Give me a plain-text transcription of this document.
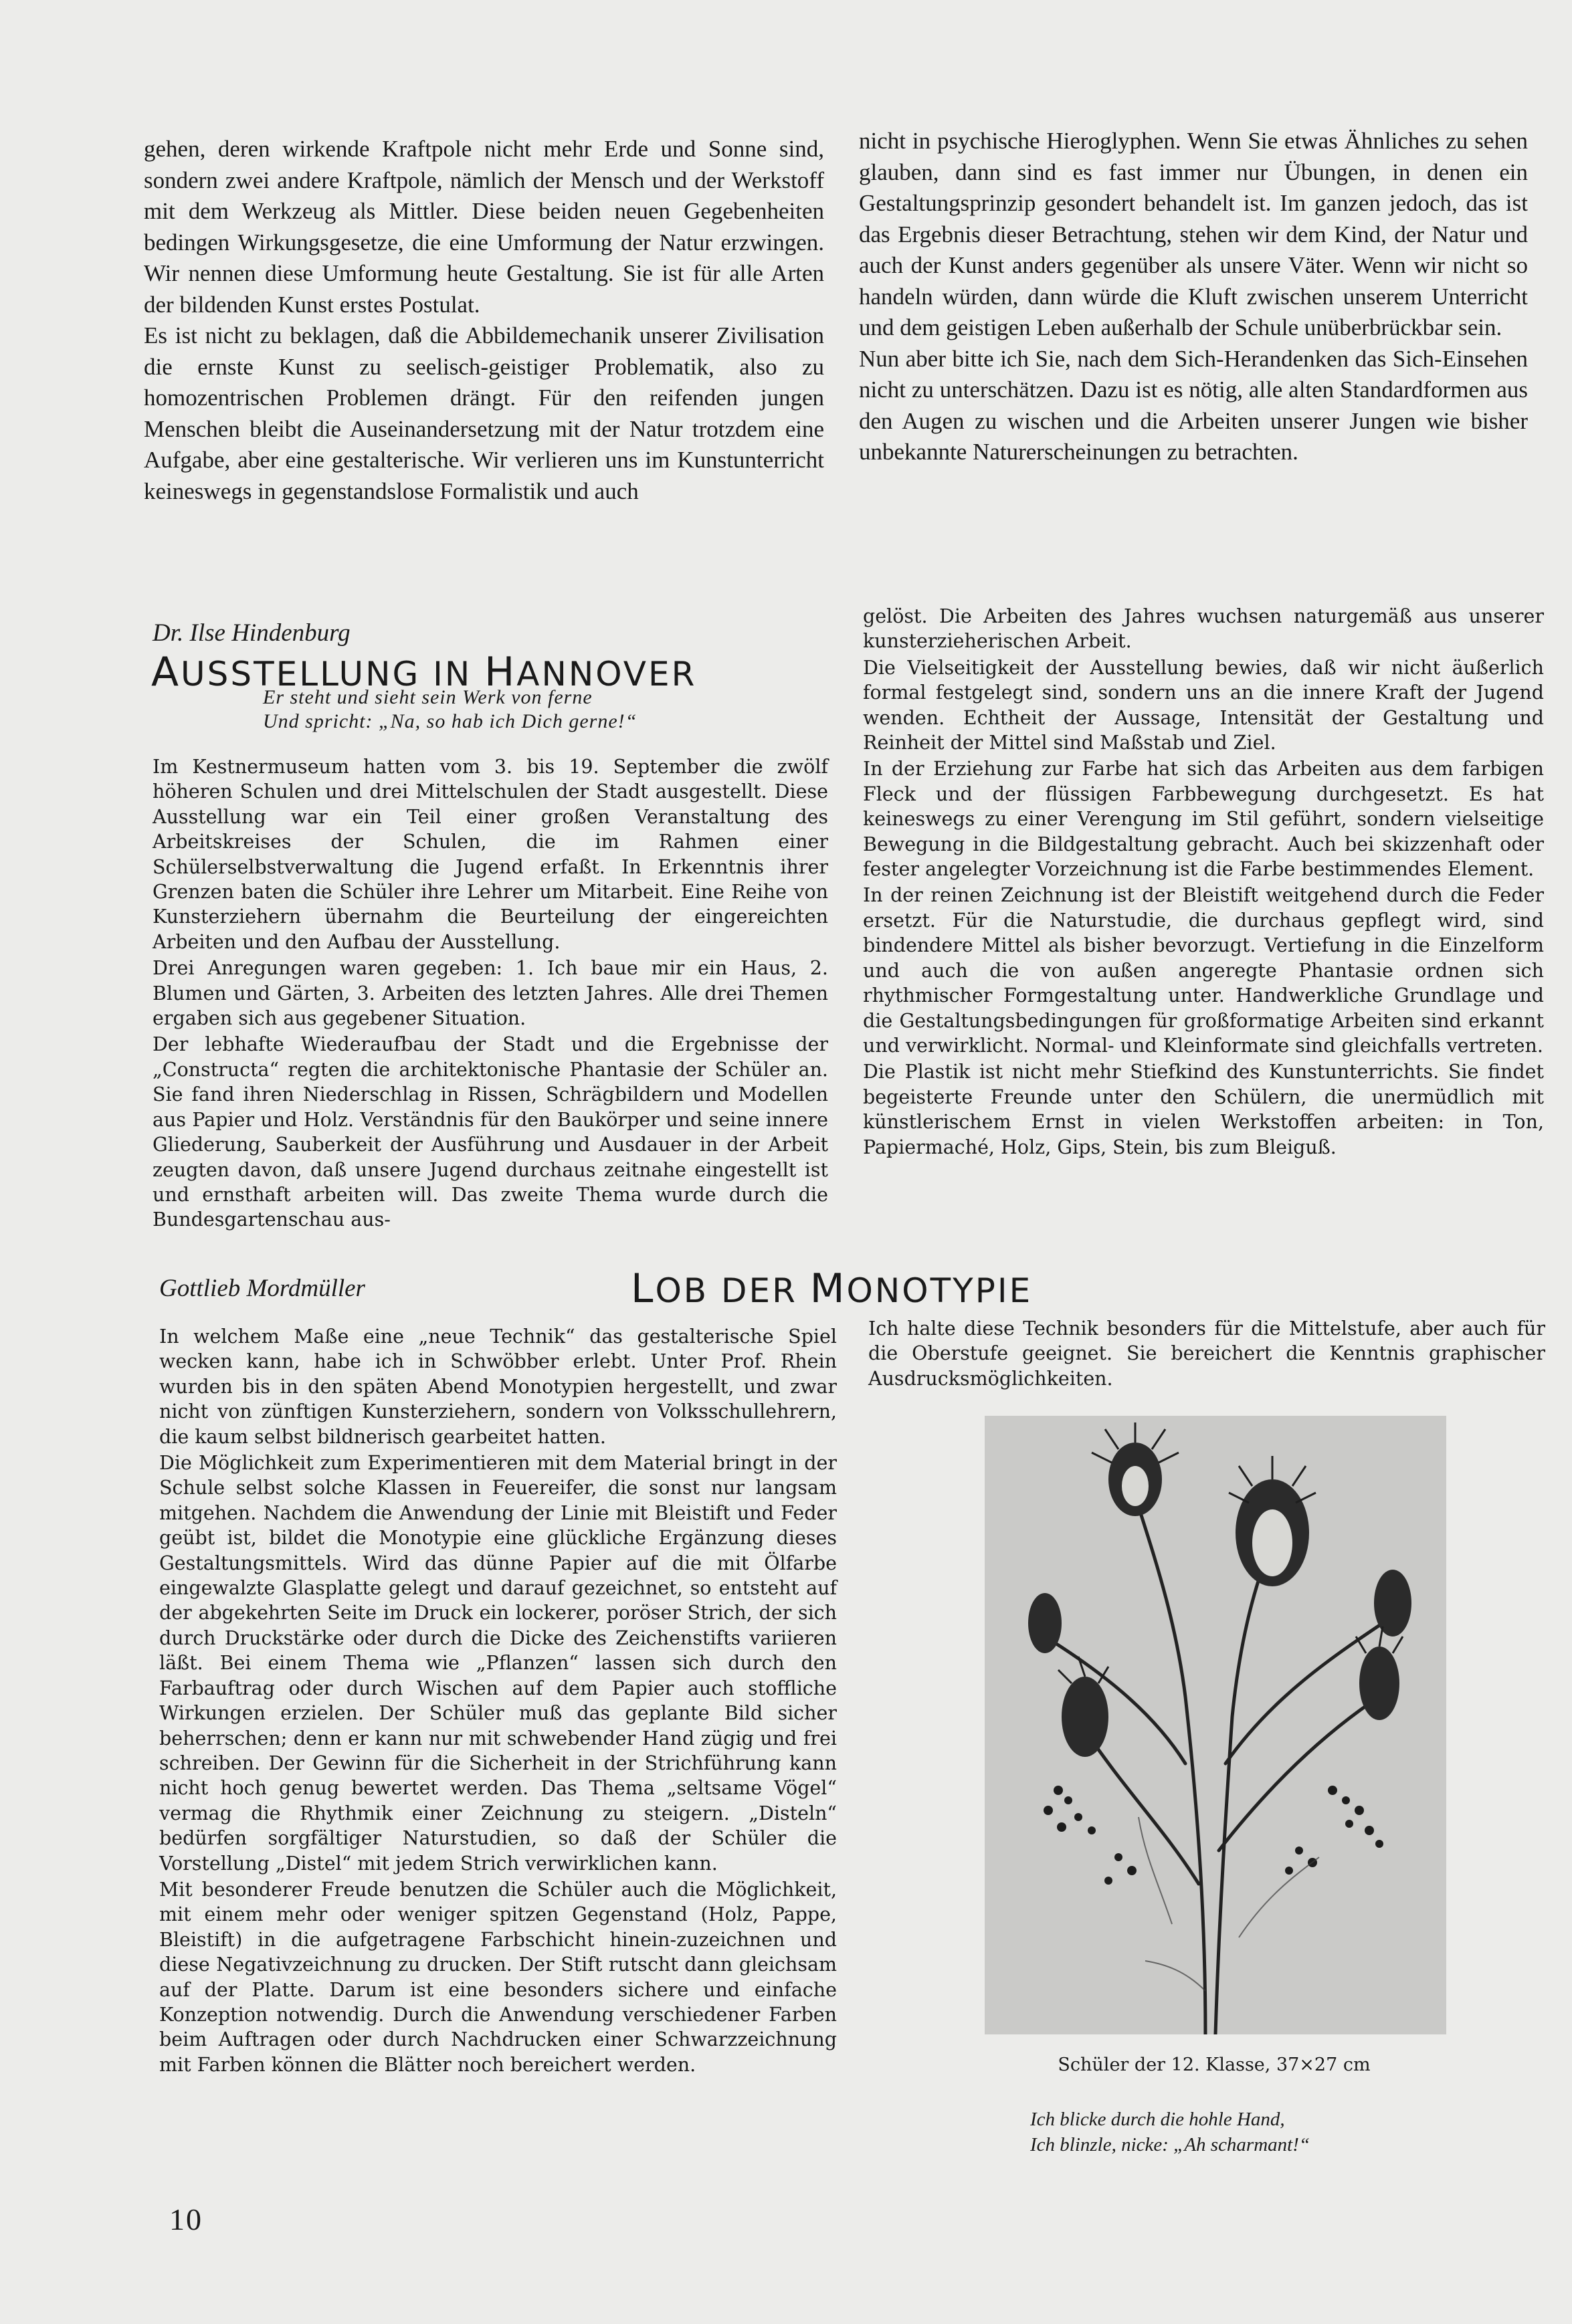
gehen, deren wirkende Kraftpole nicht mehr Erde und Sonne sind, sondern zwei andere Kraftpole, nämlich der Mensch und der Werkstoff mit dem Werkzeug als Mittler. Diese beiden neuen Gegebenheiten bedingen Wirkungsgesetze, die eine Umformung der Natur erzwingen. Wir nennen diese Umformung heute Gestaltung. Sie ist für alle Arten der bildenden Kunst erstes Postulat.

Es ist nicht zu beklagen, daß die Abbildemechanik unserer Zivilisation die ernste Kunst zu seelisch-geistiger Problematik, also zu homozentrischen Problemen drängt. Für den reifenden jungen Menschen bleibt die Auseinandersetzung mit der Natur trotzdem eine Aufgabe, aber eine gestalterische. Wir verlieren uns im Kunstunterricht keineswegs in gegenstandslose Formalistik und auch

nicht in psychische Hieroglyphen. Wenn Sie etwas Ähnliches zu sehen glauben, dann sind es fast immer nur Übungen, in denen ein Gestaltungsprinzip gesondert behandelt ist. Im ganzen jedoch, das ist das Ergebnis dieser Betrachtung, stehen wir dem Kind, der Natur und auch der Kunst anders gegenüber als unsere Väter. Wenn wir nicht so handeln würden, dann würde die Kluft zwischen unserem Unterricht und dem geistigen Leben außerhalb der Schule unüberbrückbar sein.

Nun aber bitte ich Sie, nach dem Sich-Herandenken das Sich-Einsehen nicht zu unterschätzen. Dazu ist es nötig, alle alten Standardformen aus den Augen zu wischen und die Arbeiten unserer Jungen wie bisher unbekannte Naturerscheinungen zu betrachten.

Dr. Ilse Hindenburg

AUSSTELLUNG IN HANNOVER

Er steht und sieht sein Werk von ferne

Und spricht: „Na, so hab ich Dich gerne!“

Im Kestnermuseum hatten vom 3. bis 19. September die zwölf höheren Schulen und drei Mittelschulen der Stadt ausgestellt. Diese Ausstellung war ein Teil einer großen Veranstaltung des Arbeitskreises der Schulen, die im Rahmen einer Schülerselbstverwaltung die Jugend erfaßt. In Erkenntnis ihrer Grenzen baten die Schüler ihre Lehrer um Mitarbeit. Eine Reihe von Kunsterziehern übernahm die Beurteilung der eingereichten Arbeiten und den Aufbau der Ausstellung.

Drei Anregungen waren gegeben: 1. Ich baue mir ein Haus, 2. Blumen und Gärten, 3. Arbeiten des letzten Jahres. Alle drei Themen ergaben sich aus gegebener Situation.

Der lebhafte Wiederaufbau der Stadt und die Ergebnisse der „Constructa“ regten die architektonische Phantasie der Schüler an. Sie fand ihren Niederschlag in Rissen, Schrägbildern und Modellen aus Papier und Holz. Verständnis für den Baukörper und seine innere Gliederung, Sauberkeit der Ausführung und Ausdauer in der Arbeit zeugten davon, daß unsere Jugend durchaus zeitnahe eingestellt ist und ernsthaft arbeiten will. Das zweite Thema wurde durch die Bundesgartenschau aus-

gelöst. Die Arbeiten des Jahres wuchsen naturgemäß aus unserer kunsterzieherischen Arbeit.

Die Vielseitigkeit der Ausstellung bewies, daß wir nicht äußerlich formal festgelegt sind, sondern uns an die innere Kraft der Jugend wenden. Echtheit der Aussage, Intensität der Gestaltung und Reinheit der Mittel sind Maßstab und Ziel.

In der Erziehung zur Farbe hat sich das Arbeiten aus dem farbigen Fleck und der flüssigen Farbbewegung durchgesetzt. Es hat keineswegs zu einer Verengung im Stil geführt, sondern vielseitige Bewegung in die Bildgestaltung gebracht. Auch bei skizzenhaft oder fester angelegter Vorzeichnung ist die Farbe bestimmendes Element.

In der reinen Zeichnung ist der Bleistift weitgehend durch die Feder ersetzt. Für die Naturstudie, die durchaus gepflegt wird, sind bindendere Mittel als bisher bevorzugt. Vertiefung in die Einzelform und auch die von außen angeregte Phantasie ordnen sich rhythmischer Formgestaltung unter. Handwerkliche Grundlage und die Gestaltungsbedingungen für großformatige Arbeiten sind erkannt und verwirklicht. Normal- und Kleinformate sind gleichfalls vertreten.

Die Plastik ist nicht mehr Stiefkind des Kunstunterrichts. Sie findet begeisterte Freunde unter den Schülern, die unermüdlich mit künstlerischem Ernst in vielen Werkstoffen arbeiten: in Ton, Papiermaché, Holz, Gips, Stein, bis zum Bleiguß.

Gottlieb Mordmüller	LOB DER MONOTYPIE

In welchem Maße eine „neue Technik“ das gestalterische Spiel wecken kann, habe ich in Schwöbber erlebt. Unter Prof. Rhein wurden bis in den späten Abend Monotypien hergestellt, und zwar nicht von zünftigen Kunsterziehern, sondern von Volksschullehrern, die kaum selbst bildnerisch gearbeitet hatten.

Die Möglichkeit zum Experimentieren mit dem Material bringt in der Schule selbst solche Klassen in Feuereifer, die sonst nur langsam mitgehen. Nachdem die Anwendung der Linie mit Bleistift und Feder geübt ist, bildet die Monotypie eine glückliche Ergänzung dieses Gestaltungsmittels. Wird das dünne Papier auf die mit Ölfarbe eingewalzte Glasplatte gelegt und darauf gezeichnet, so entsteht auf der abgekehrten Seite im Druck ein lockerer, poröser Strich, der sich durch Druckstärke oder durch die Dicke des Zeichenstifts variieren läßt. Bei einem Thema wie „Pflanzen“ lassen sich durch den Farbauftrag oder durch Wischen auf dem Papier auch stoffliche Wirkungen erzielen. Der Schüler muß das geplante Bild sicher beherrschen; denn er kann nur mit schwebender Hand zügig und frei schreiben. Der Gewinn für die Sicherheit in der Strichführung kann nicht hoch genug bewertet werden. Das Thema „seltsame Vögel“ vermag die Rhythmik einer Zeichnung zu steigern. „Disteln“ bedürfen sorgfältiger Naturstudien, so daß der Schüler die Vorstellung „Distel“ mit jedem Strich verwirklichen kann.

Mit besonderer Freude benutzen die Schüler auch die Möglichkeit, mit einem mehr oder weniger spitzen Gegenstand (Holz, Pappe, Bleistift) in die aufgetragene Farbschicht hinein-zuzeichnen und diese Negativzeichnung zu drucken. Der Stift rutscht dann gleichsam auf der Platte. Darum ist eine besonders sichere und einfache Konzeption notwendig. Durch die Anwendung verschiedener Farben beim Auftragen oder durch Nachdrucken einer Schwarzzeichnung mit Farben können die Blätter noch bereichert werden.

Ich halte diese Technik besonders für die Mittelstufe, aber auch für die Oberstufe geeignet. Sie bereichert die Kenntnis graphischer Ausdrucksmöglichkeiten.

Schüler der 12. Klasse, 37×27 cm

Ich blicke durch die hohle Hand,
Ich blinzle, nicke: „Ah scharmant!“

10
